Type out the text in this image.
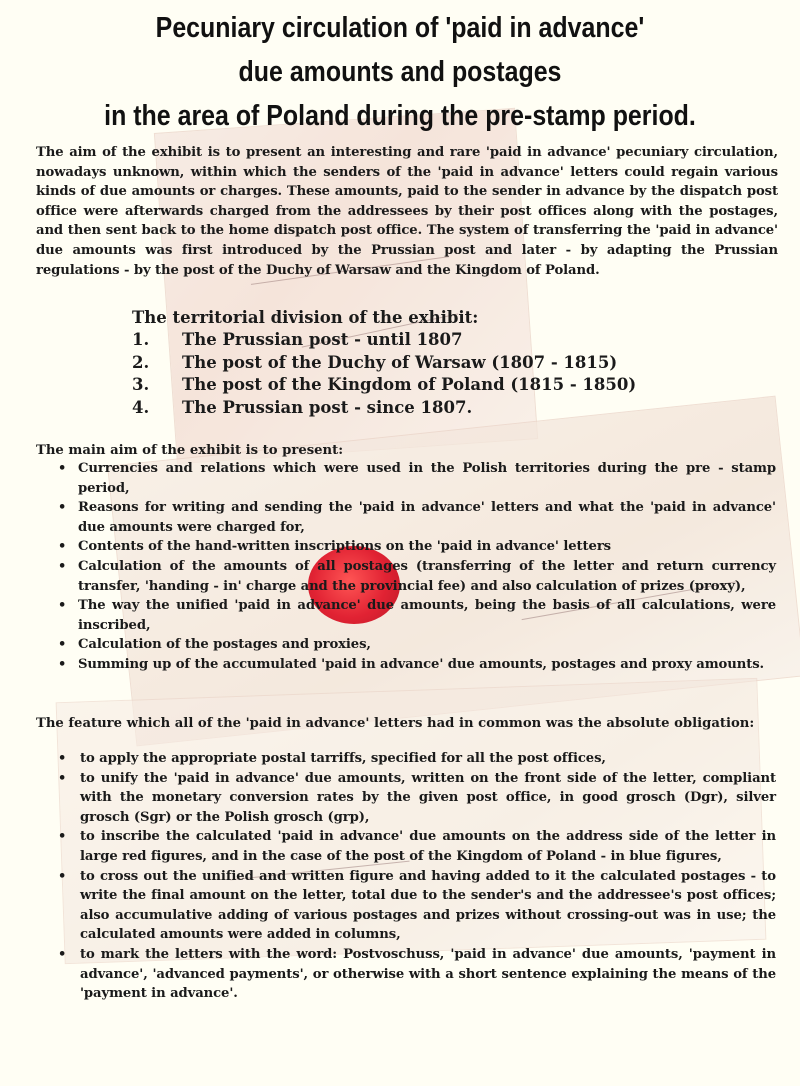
Pecuniary circulation of 'paid in advance'
due amounts and postages
in the area of Poland during the pre-stamp period.

The aim of the exhibit is to present an interesting and rare 'paid in advance' pecuniary circulation, nowadays unknown, within which the senders of the 'paid in advance' letters could regain various kinds of due amounts or charges. These amounts, paid to the sender in advance by the dispatch post office were afterwards charged from the addressees by their post offices along with the postages, and then sent back to the home dispatch post office. The system of transferring the 'paid in advance' due amounts was first introduced by the Prussian post and later - by adapting the Prussian regulations - by the post of the Duchy of Warsaw and the Kingdom of Poland.

The territorial division of the exhibit:

1.	The Prussian post - until 1807
2.	The post of the Duchy of Warsaw (1807 - 1815)
3.	The post of the Kingdom of Poland (1815 - 1850)
4.	The Prussian post - since 1807.

The main aim of the exhibit is to present:

• Currencies and relations which were used in the Polish territories during the pre - stamp period,
• Reasons for writing and sending the 'paid in advance' letters and what the 'paid in advance' due amounts were charged for,
• Contents of the hand-written inscriptions on the 'paid in advance' letters
• Calculation of the amounts of all postages (transferring of the letter and return currency transfer, 'handing - in' charge and the provincial fee) and also calculation of prizes (proxy),
• The way the unified 'paid in advance' due amounts, being the basis of all calculations, were inscribed,
• Calculation of the postages and proxies,
• Summing up of the accumulated 'paid in advance' due amounts, postages and proxy amounts.

The feature which all of the 'paid in advance' letters had in common was the absolute obligation:

• to apply the appropriate postal tarriffs, specified for all the post offices,
• to unify the 'paid in advance' due amounts, written on the front side of the letter, compliant with the monetary conversion rates by the given post office, in good grosch (Dgr), silver grosch (Sgr) or the Polish grosch (grp),
• to inscribe the calculated 'paid in advance' due amounts on the address side of the letter in large red figures, and in the case of the post of the Kingdom of Poland - in blue figures,
• to cross out the unified and written figure and having added to it the calculated postages - to write the final amount on the letter, total due to the sender's and the addressee's post offices; also accumulative adding of various postages and prizes without crossing-out was in use; the calculated amounts were added in columns,
• to mark the letters with the word: Postvoschuss, 'paid in advance' due amounts, 'payment in advance', 'advanced payments', or otherwise with a short sentence explaining the means of the 'payment in advance'.
